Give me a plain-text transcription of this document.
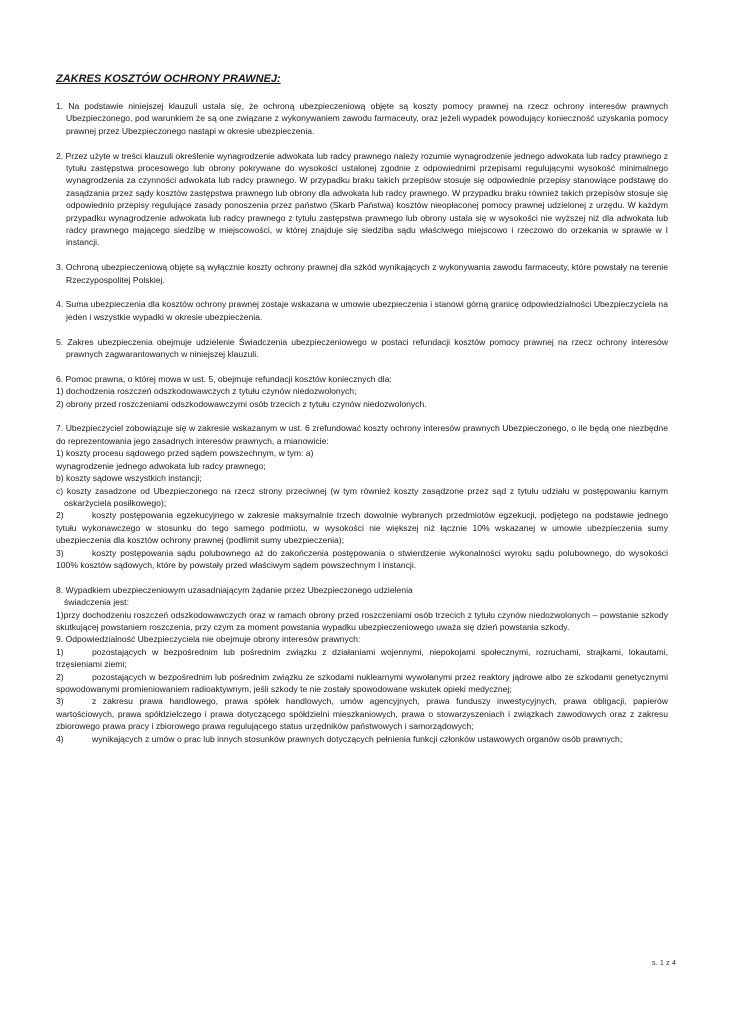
ZAKRES KOSZTÓW OCHRONY PRAWNEJ:

1. Na podstawie niniejszej klauzuli ustala się, że ochroną ubezpieczeniową objęte są koszty pomocy prawnej na rzecz ochrony interesów prawnych Ubezpieczonego, pod warunkiem że są one związane z wykonywaniem zawodu farmaceuty, oraz jeżeli wypadek powodujący konieczność uzyskania pomocy prawnej przez Ubezpieczonego nastąpi w okresie ubezpieczenia.

2. Przez użyte w treści klauzuli określenie wynagrodzenie adwokata lub radcy prawnego należy rozumie wynagrodzenie jednego adwokata lub radcy prawnego z tytułu zastępstwa procesowego lub obrony pokrywane do wysokości ustalonej zgodnie z odpowiednimi przepisami regulującymi wysokość minimalnego wynagrodzenia za czynności adwokata lub radcy prawnego. W przypadku braku takich przepisów stosuje się odpowiednie przepisy stanowiące podstawę do zasądzania przez sądy kosztów zastępstwa prawnego lub obrony dla adwokata lub radcy prawnego. W przypadku braku również takich przepisów stosuje się odpowiednio przepisy regulujące zasady ponoszenia przez państwo (Skarb Państwa) kosztów nieopłaconej pomocy prawnej udzielonej z urzędu. W każdym przypadku wynagrodzenie adwokata lub radcy prawnego z tytułu zastępstwa prawnego lub obrony ustala się w wysokości nie wyższej niż dla adwokata lub radcy prawnego mającego siedzibę w miejscowości, w której znajduje się siedziba sądu właściwego miejscowo i rzeczowo do orzekania w sprawie w I instancji.

3. Ochroną ubezpieczeniową objęte są wyłącznie koszty ochrony prawnej dla szkód wynikających z wykonywania zawodu farmaceuty, które powstały na terenie Rzeczypospolitej Polskiej.

4. Suma ubezpieczenia dla kosztów ochrony prawnej zostaje wskazana w umowie ubezpieczenia i stanowi górną granicę odpowiedzialności Ubezpieczyciela na jeden i wszystkie wypadki w okresie ubezpieczenia.

5. Zakres ubezpieczenia obejmuje udzielenie Świadczenia ubezpieczeniowego w postaci refundacji kosztów pomocy prawnej na rzecz ochrony interesów prawnych zagwarantowanych w niniejszej klauzuli.

6. Pomoc prawna, o której mowa w ust. 5, obejmuje refundacji kosztów koniecznych dla:

1) dochodzenia roszczeń odszkodowawczych z tytułu czynów niedozwolonych;

2) obrony przed roszczeniami odszkodowawczymi osób trzecich z tytułu czynów niedozwolonych.

7. Ubezpieczyciel zobowiązuje się w zakresie wskazanym w ust. 6 zrefundować koszty ochrony interesów prawnych Ubezpieczonego, o ile będą one niezbędne do reprezentowania jego zasadnych interesów prawnych, a mianowicie:

1) koszty procesu sądowego przed sądem powszechnym, w tym: a)

wynagrodzenie jednego adwokata lub radcy prawnego;

b) koszty sądowe wszystkich instancji;

c) koszty zasadzone od Ubezpieczonego na rzecz strony przeciwnej (w tym również koszty zasądzone przez sąd z tytułu udziału w postępowaniu karnym oskarżyciela posiłkowego);

2)	koszty postępowania egzekucyjnego w zakresie maksymalnie trzech dowolnie wybranych przedmiotów egzekucji, podjętego na podstawie jednego tytułu wykonawczego w stosunku do tego samego podmiotu, w wysokości nie większej niż łącznie 10% wskazanej w umowie ubezpieczenia sumy ubezpieczenia dla kosztów ochrony prawnej (podlimit sumy ubezpieczenia);

3)	koszty postępowania sądu polubownego aż do zakończenia postępowania o stwierdzenie wykonalności wyroku sądu polubownego, do wysokości 100% kosztów sądowych, które by powstały przed właściwym sądem powszechnym I instancji.

8. Wypadkiem ubezpieczeniowym uzasadniającym żądanie przez Ubezpieczonego udzielenia

świadczenia jest:

1)przy dochodzeniu roszczeń odszkodowawczych oraz w ramach obrony przed roszczeniami osób trzecich z tytułu czynów niedozwolonych – powstanie szkody skutkującej powstaniem roszczenia, przy czym za moment powstania wypadku ubezpieczeniowego uważa się dzień powstania szkody.

9. Odpowiedzialność Ubezpieczyciela nie obejmuje obrony interesów prawnych:

1)	pozostających w bezpośrednim lub pośrednim związku z działaniami wojennymi, niepokojami społecznymi, rozruchami, strajkami, lokautami, trzęsieniami ziemi;

2)	pozostających w bezpośrednim lub pośrednim związku ze szkodami nuklearnymi wywołanymi przez reaktory jądrowe albo ze szkodami genetycznymi spowodowanymi promieniowaniem radioaktywnym, jeśli szkody te nie zostały spowodowane wskutek opieki medycznej;

3)	z zakresu prawa handlowego, prawa spółek handlowych, umów agencyjnych, prawa funduszy inwestycyjnych, prawa obligacji, papierów wartościowych, prawa spółdzielczego i prawa dotyczącego spółdzielni mieszkaniowych, prawa o stowarzyszeniach i związkach zawodowych oraz z zakresu zbiorowego prawa pracy i zbiorowego prawa regulującego status urzędników państwowych i samorządowych;

4)	wynikających z umów o prac lub innych stosunków prawnych dotyczących pełnienia funkcji członków ustawowych organów osób prawnych;

s. 1 z 4
